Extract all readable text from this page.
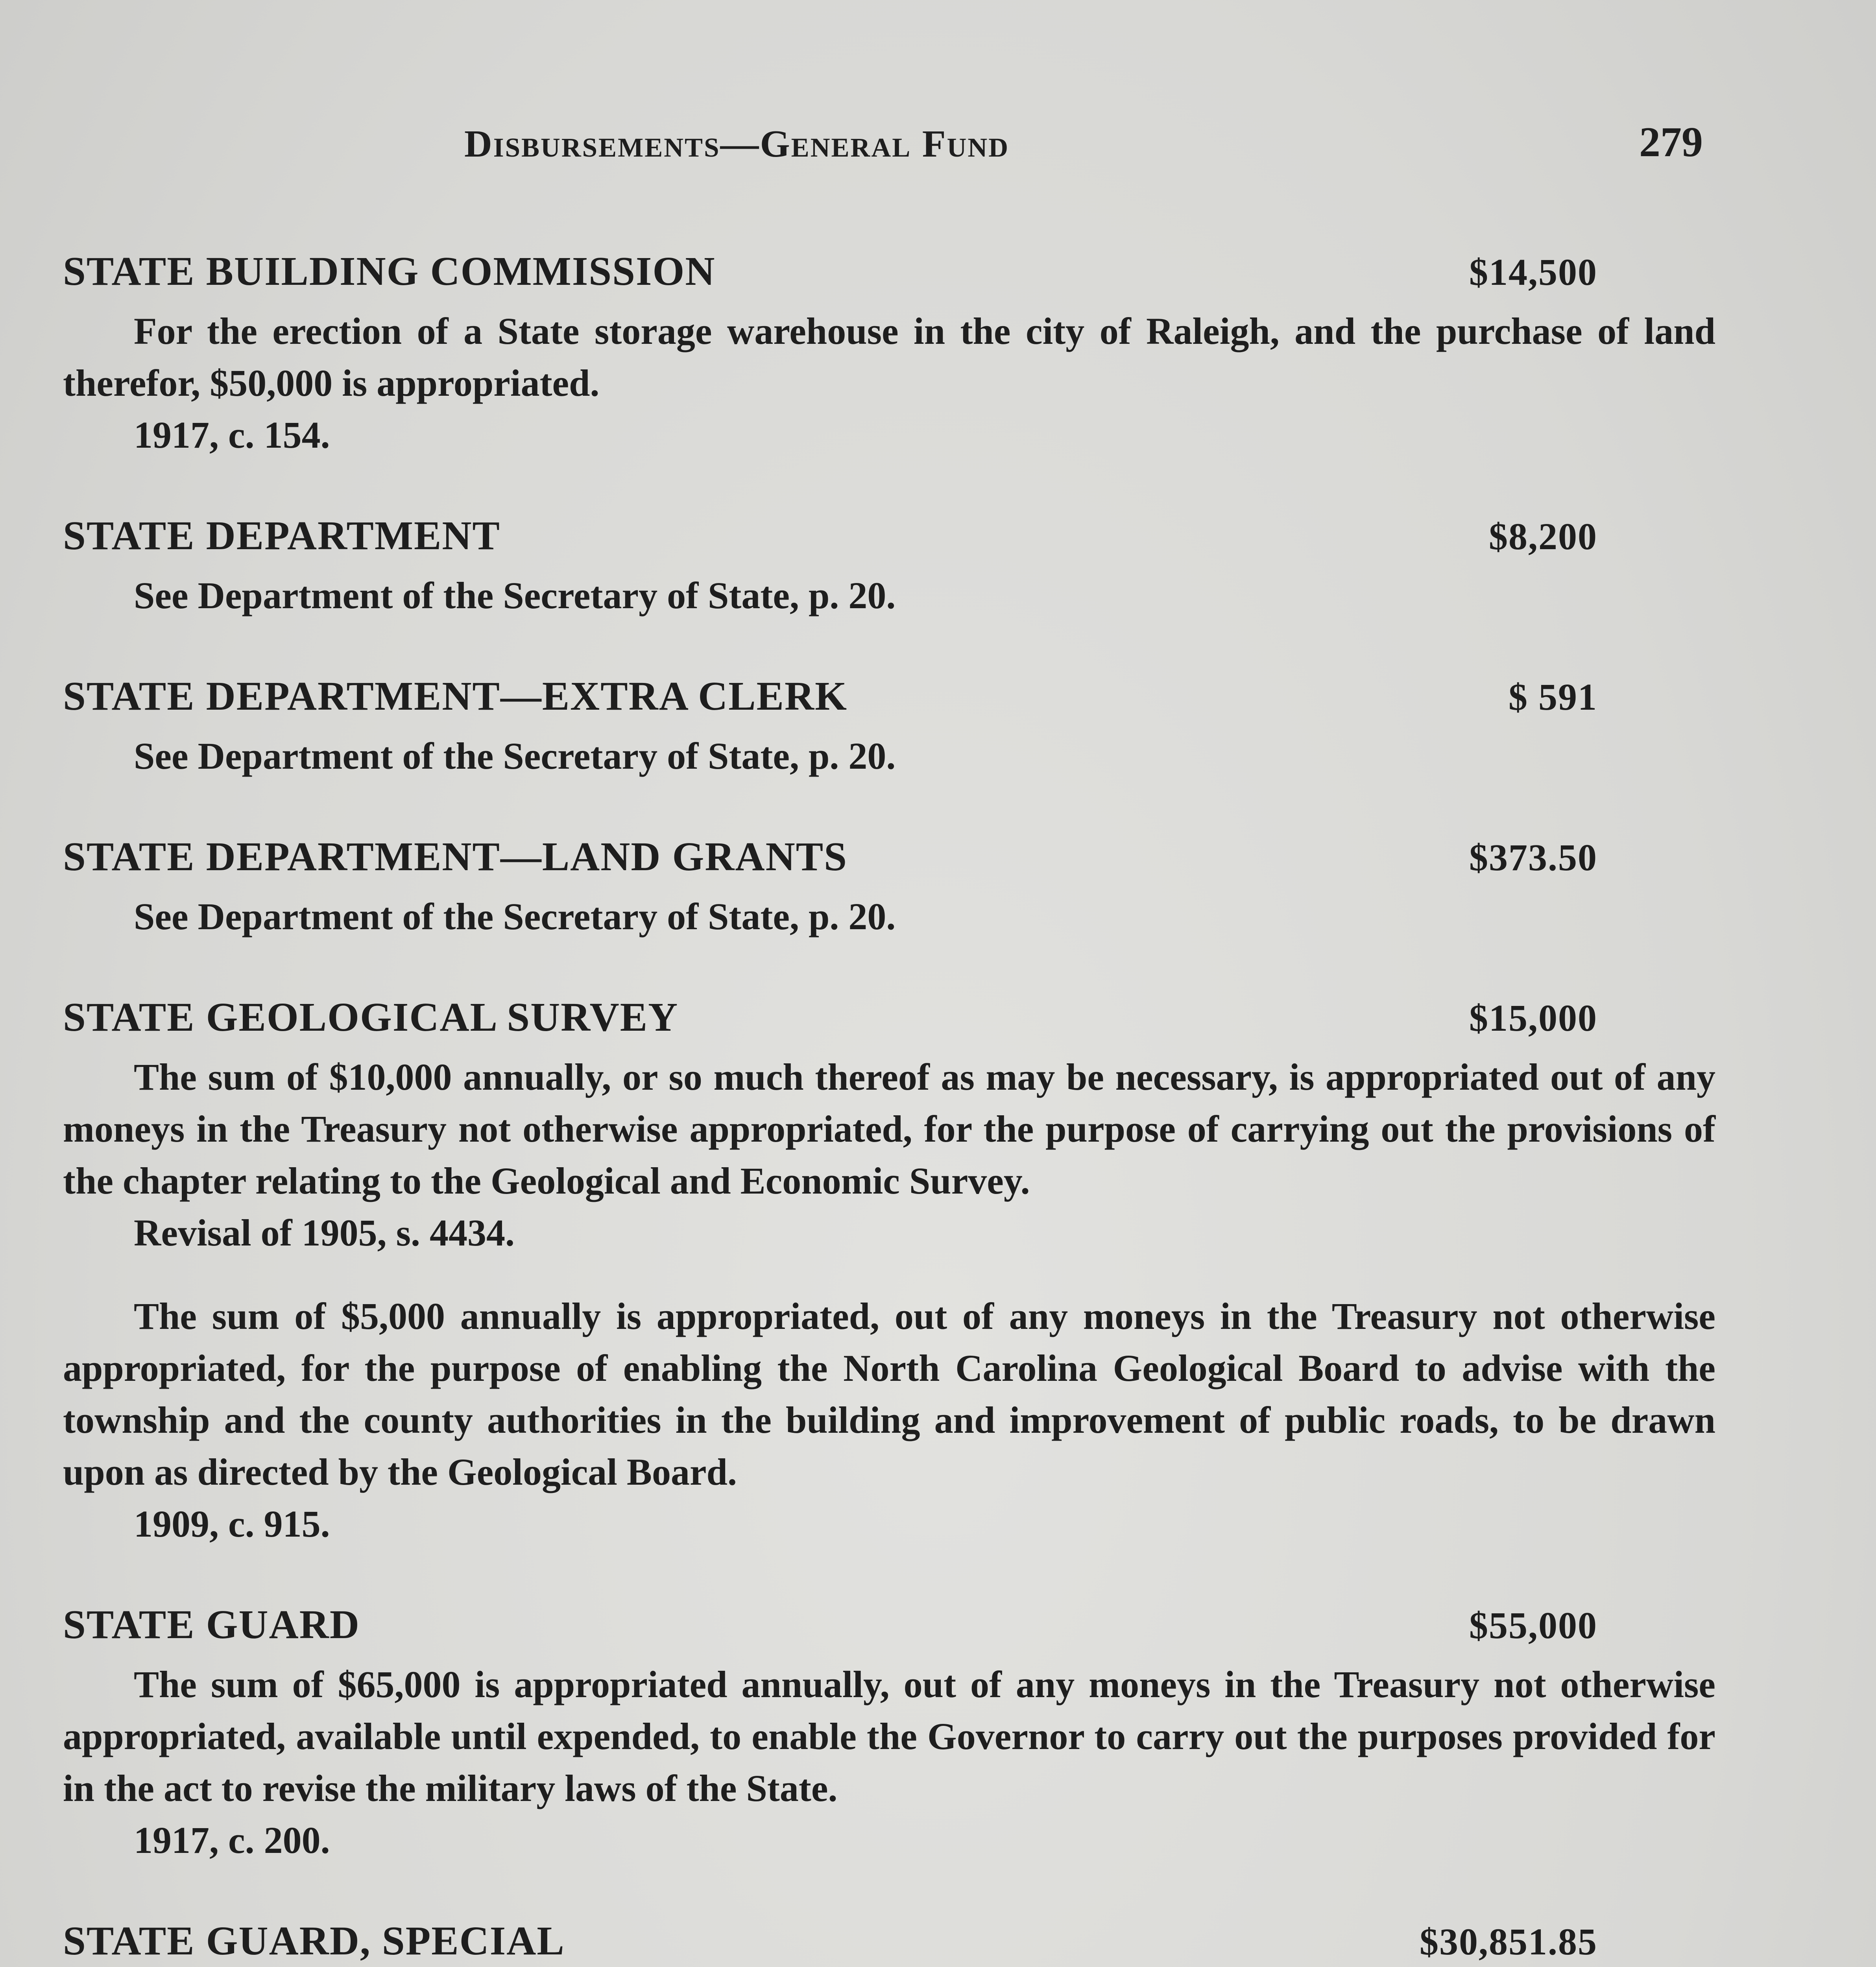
Disbursements—General Fund	279
STATE BUILDING COMMISSION	$14,500

For the erection of a State storage warehouse in the city of Raleigh, and the purchase of land therefor, $50,000 is appropriated.

1917, c. 154.
STATE DEPARTMENT	$8,200

See Department of the Secretary of State, p. 20.

STATE DEPARTMENT—EXTRA CLERK	$ 591

See Department of the Secretary of State, p. 20.

STATE DEPARTMENT—LAND GRANTS	$373.50

See Department of the Secretary of State, p. 20.

STATE GEOLOGICAL SURVEY	$15,000

The sum of $10,000 annually, or so much thereof as may be necessary, is appropriated out of any moneys in the Treasury not otherwise appropriated, for the purpose of carrying out the provisions of the chapter relating to the Geological and Economic Survey.

Revisal of 1905, s. 4434.

The sum of $5,000 annually is appropriated, out of any moneys in the Treasury not otherwise appropriated, for the purpose of enabling the North Carolina Geological Board to advise with the township and the county authorities in the building and improvement of public roads, to be drawn upon as directed by the Geological Board.

1909, c. 915.
STATE GUARD	$55,000

The sum of $65,000 is appropriated annually, out of any moneys in the Treasury not otherwise appropriated, available until expended, to enable the Governor to carry out the purposes provided for in the act to revise the military laws of the State.

1917, c. 200.
STATE GUARD, SPECIAL	$30,851.85
